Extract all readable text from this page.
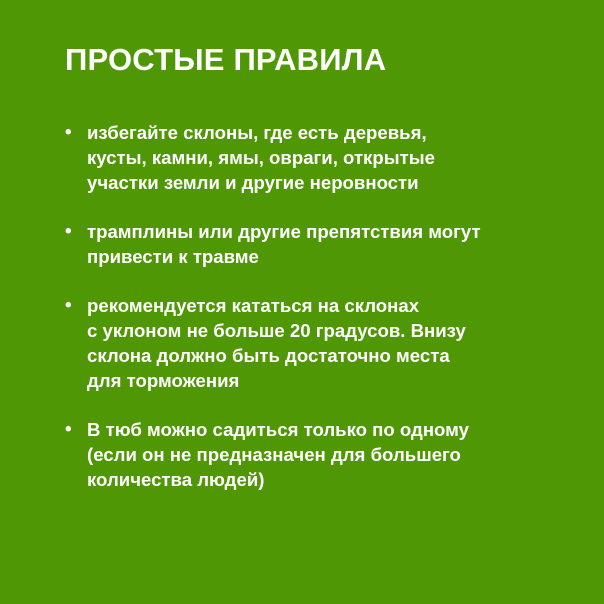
ПРОСТЫЕ ПРАВИЛА
• избегайте склоны, где есть деревья,
кусты, камни, ямы, овраги, открытые
участки земли и другие неровности
• трамплины или другие препятствия могут
привести к травме
• рекомендуется кататься на склонах
с уклоном не больше 20 градусов. Внизу
склона должно быть достаточно места
для торможения
• В тюб можно садиться только по одному
(если он не предназначен для большего
количества людей)
